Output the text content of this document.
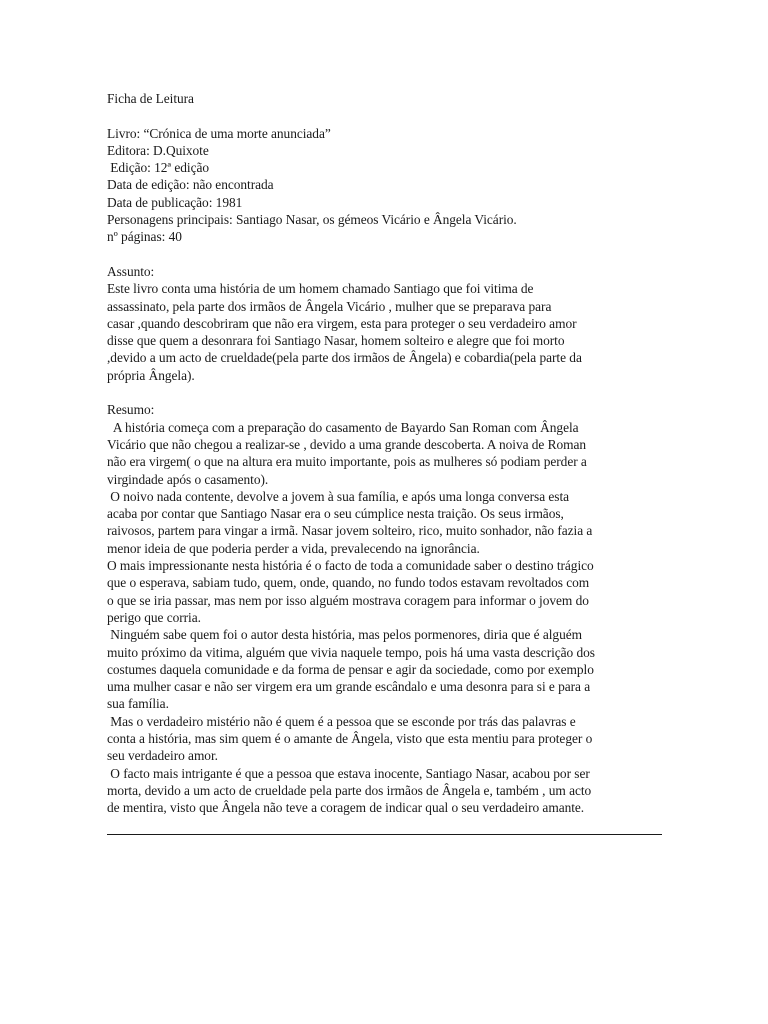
Ficha de Leitura
Livro: “Crónica de uma morte anunciada”
Editora: D.Quixote
Edição: 12ª edição
Data de edição: não encontrada
Data de publicação: 1981
Personagens principais: Santiago Nasar, os gémeos Vicário e Ângela Vicário.
nº páginas: 40
Assunto:
Este livro conta uma história de um homem chamado Santiago que foi vitima de
assassinato, pela parte dos irmãos de Ângela Vicário , mulher que se preparava para
casar ,quando descobriram que não era virgem, esta para proteger o seu verdadeiro amor
disse que quem a desonrara foi Santiago Nasar, homem solteiro e alegre que foi morto
,devido a um acto de crueldade(pela parte dos irmãos de Ângela) e cobardia(pela parte da
própria Ângela).
Resumo:
A história começa com a preparação do casamento de Bayardo San Roman com Ângela
Vicário que não chegou a realizar-se , devido a uma grande descoberta. A noiva de Roman
não era virgem( o que na altura era muito importante, pois as mulheres só podiam perder a
virgindade após o casamento).
O noivo nada contente, devolve a jovem à sua família, e após uma longa conversa esta
acaba por contar que Santiago Nasar era o seu cúmplice nesta traição. Os seus irmãos,
raivosos, partem para vingar a irmã. Nasar jovem solteiro, rico, muito sonhador, não fazia a
menor ideia de que poderia perder a vida, prevalecendo na ignorância.
O mais impressionante nesta história é o facto de toda a comunidade saber o destino trágico
que o esperava, sabiam tudo, quem, onde, quando, no fundo todos estavam revoltados com
o que se iria passar, mas nem por isso alguém mostrava coragem para informar o jovem do
perigo que corria.
Ninguém sabe quem foi o autor desta história, mas pelos pormenores, diria que é alguém
muito próximo da vitima, alguém que vivia naquele tempo, pois há uma vasta descrição dos
costumes daquela comunidade e da forma de pensar e agir da sociedade, como por exemplo
uma mulher casar e não ser virgem era um grande escândalo e uma desonra para si e para a
sua família.
Mas o verdadeiro mistério não é quem é a pessoa que se esconde por trás das palavras e
conta a história, mas sim quem é o amante de Ângela, visto que esta mentiu para proteger o
seu verdadeiro amor.
O facto mais intrigante é que a pessoa que estava inocente, Santiago Nasar, acabou por ser
morta, devido a um acto de crueldade pela parte dos irmãos de Ângela e, também , um acto
de mentira, visto que Ângela não teve a coragem de indicar qual o seu verdadeiro amante.
